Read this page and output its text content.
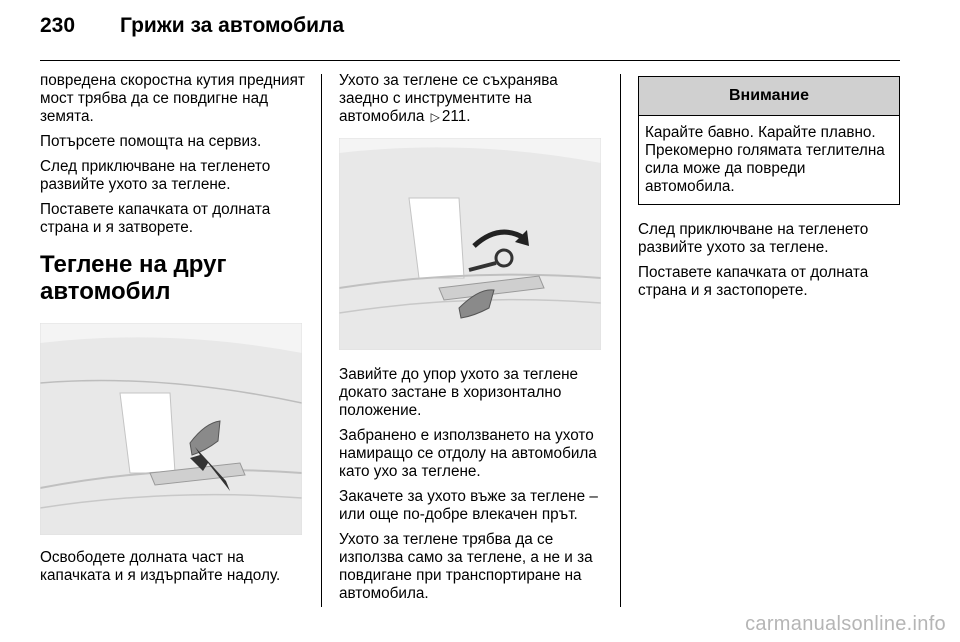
230 Грижи за автомобила

повредена скоростна кутия предният мост трябва да се повдигне над земята.

Потърсете помощта на сервиз.

След приключване на тегленето развийте ухото за теглене.

Поставете капачката от долната страна и я затворете.

Теглене на друг автомобил

Освободете долната част на капачката и я издърпайте надолу.

Ухото за теглене се съхранява заедно с инструментите на автомобила ▷ 211.

Завийте до упор ухото за теглене докато застане в хоризонтално положение.

Забранено е използването на ухото намиращо се отдолу на автомобила като ухо за теглене.

Закачете за ухото въже за теглене – или още по-добре влекачен прът.

Ухото за теглене трябва да се използва само за теглене, а не и за повдигане при транспортиране на автомобила.

Внимание

Карайте бавно. Карайте плавно. Прекомерно голямата теглителна сила може да повреди автомобила.

След приключване на тегленето развийте ухото за теглене.

Поставете капачката от долната страна и я застопорете.

carmanualsonline.info
